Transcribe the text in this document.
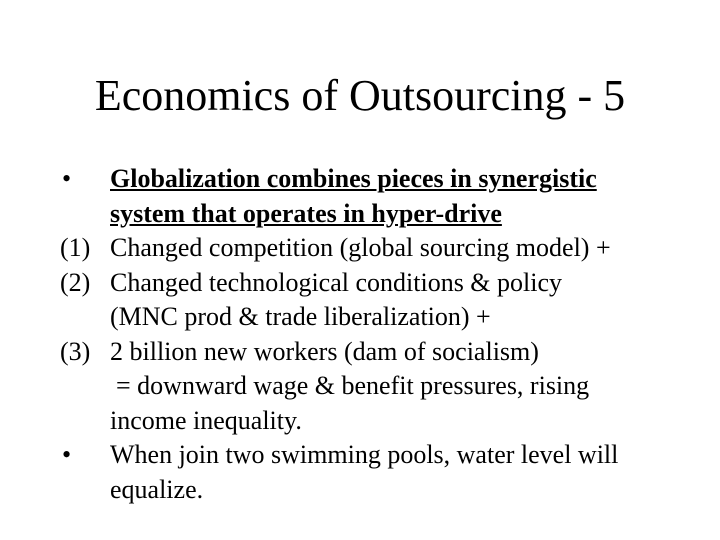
Economics of Outsourcing - 5
• Globalization combines pieces in synergistic
system that operates in hyper-drive
(1) Changed competition (global sourcing model) +
(2) Changed technological conditions & policy
(MNC prod & trade liberalization) +
(3) 2 billion new workers (dam of socialism)
= downward wage & benefit pressures, rising
income inequality.
• When join two swimming pools, water level will
equalize.
